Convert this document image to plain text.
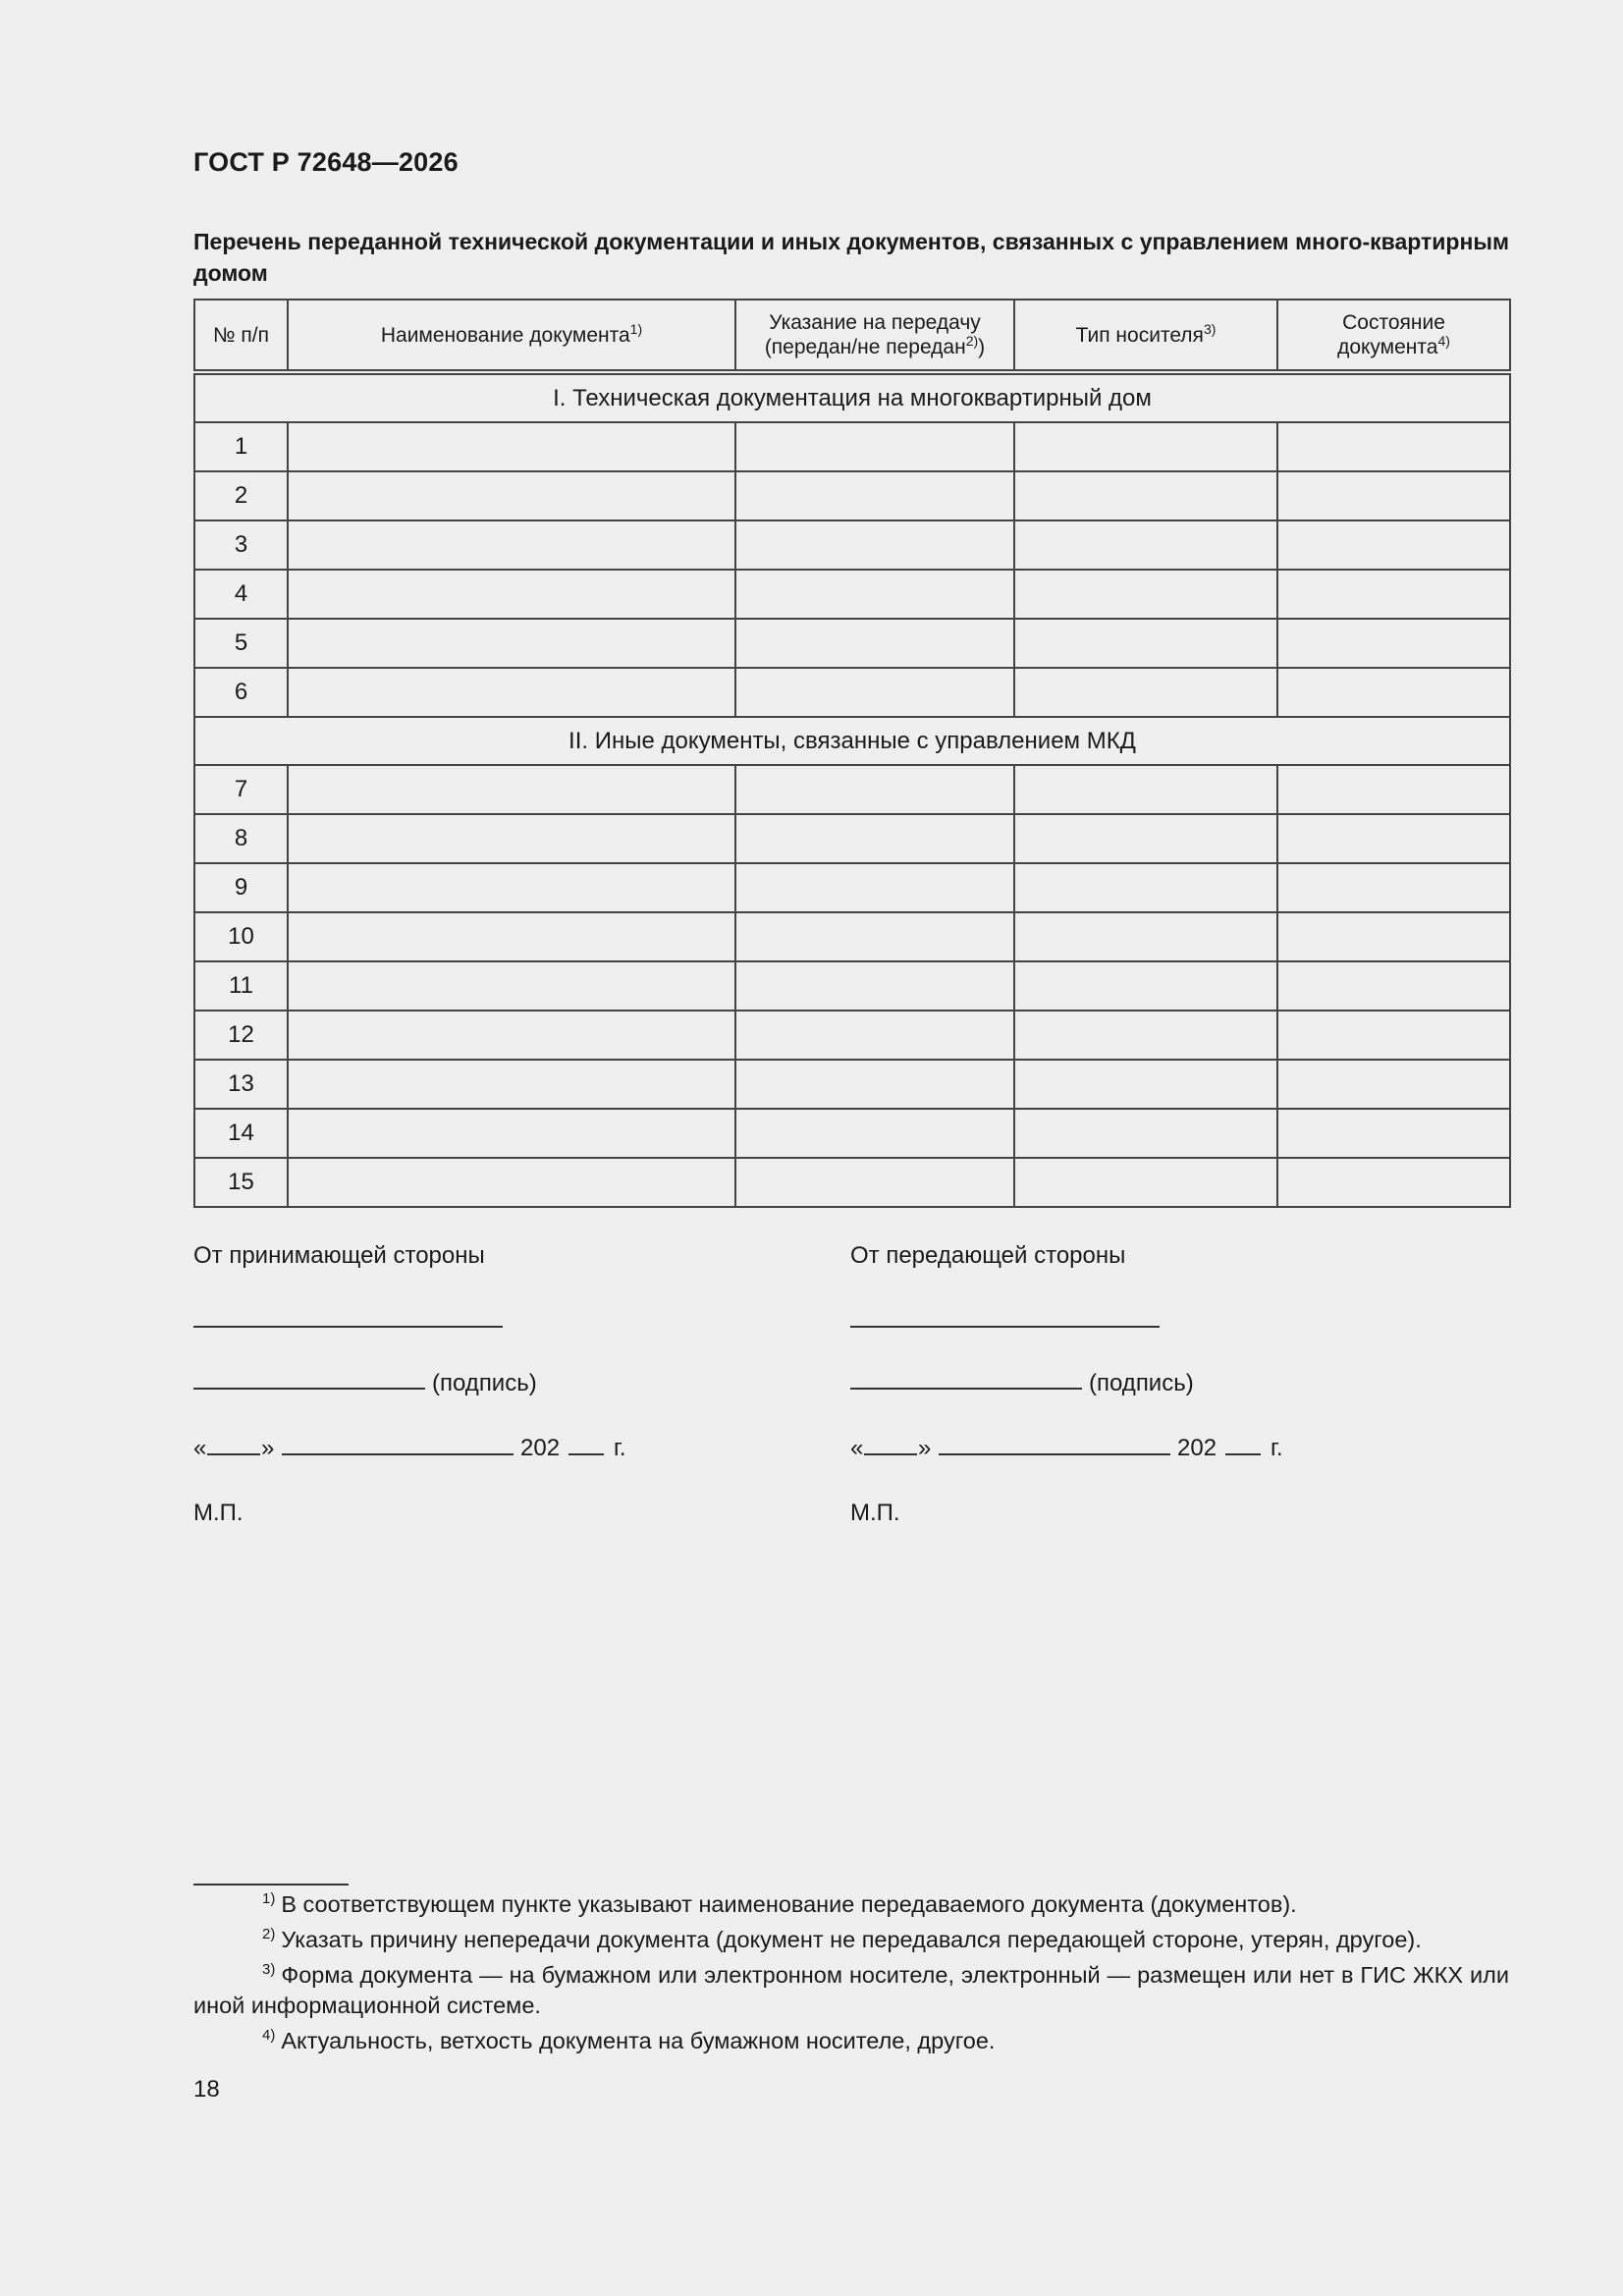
ГОСТ Р 72648—2026
Перечень переданной технической документации и иных документов, связанных с управлением много-квартирным домом
№ п/п	Наименование документа$^{1)}$	Указание на передачу (передан/не передан$^{2)}$)	Тип носителя$^{3)}$	Состояние документа$^{4)}$
I. Техническая документация на многоквартирный дом				
1				
2				
3				
4				
5				
6				
II. Иные документы, связанные с управлением МКД				
7				
8				
9				
10				
11				
12				
13				
14				
15				
От принимающей стороны
(подпись)
« »	202 г.
М.П.
От передающей стороны
(подпись)
« »	202 г.
М.П.
$^{1)}$ В соответствующем пункте указывают наименование передаваемого документа (документов).
$^{2)}$ Указать причину непередачи документа (документ не передавался передающей стороне, утерян, другое).
$^{3)}$ Форма документа — на бумажном или электронном носителе, электронный — размещен или нет в ГИС ЖКХ или иной информационной системе.
$^{4)}$ Актуальность, ветхость документа на бумажном носителе, другое.
18
